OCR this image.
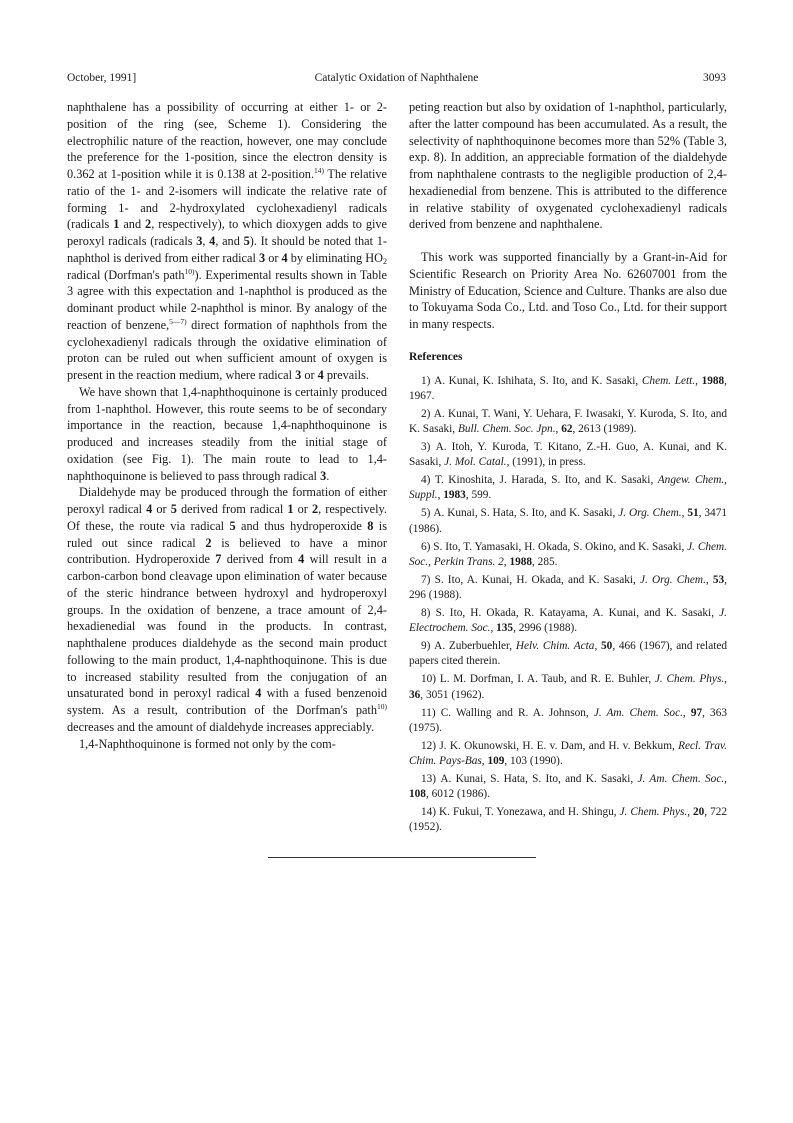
October, 1991]	Catalytic Oxidation of Naphthalene	3093

naphthalene has a possibility of occurring at either 1- or 2-position of the ring (see, Scheme 1). Considering the electrophilic nature of the reaction, however, one may conclude the preference for the 1-position, since the electron density is 0.362 at 1-position while it is 0.138 at 2-position.$^{14)}$ The relative ratio of the 1- and 2-isomers will indicate the relative rate of forming 1- and 2-hydroxylated cyclohexadienyl radicals (radicals 1 and 2, respectively), to which dioxygen adds to give peroxyl radicals (radicals 3, 4, and 5). It should be noted that 1-naphthol is derived from either radical 3 or 4 by eliminating $HO_2$ radical (Dorfman's path$^{10)}$). Experimental results shown in Table 3 agree with this expectation and 1-naphthol is produced as the dominant product while 2-naphthol is minor. By analogy of the reaction of benzene,$^{5—7)}$ direct formation of naphthols from the cyclohexadienyl radicals through the oxidative elimination of proton can be ruled out when sufficient amount of oxygen is present in the reaction medium, where radical 3 or 4 prevails.

We have shown that 1,4-naphthoquinone is certainly produced from 1-naphthol. However, this route seems to be of secondary importance in the reaction, because 1,4-naphthoquinone is produced and increases steadily from the initial stage of oxidation (see Fig. 1). The main route to lead to 1,4-naphthoquinone is believed to pass through radical 3.

Dialdehyde may be produced through the formation of either peroxyl radical 4 or 5 derived from radical 1 or 2, respectively. Of these, the route via radical 5 and thus hydroperoxide 8 is ruled out since radical 2 is believed to have a minor contribution. Hydroperoxide 7 derived from 4 will result in a carbon-carbon bond cleavage upon elimination of water because of the steric hindrance between hydroxyl and hydroperoxyl groups. In the oxidation of benzene, a trace amount of 2,4-hexadienedial was found in the products. In contrast, naphthalene produces dialdehyde as the second main product following to the main product, 1,4-naphthoquinone. This is due to increased stability resulted from the conjugation of an unsaturated bond in peroxyl radical 4 with a fused benzenoid system. As a result, contribution of the Dorfman's path$^{10)}$ decreases and the amount of dialdehyde increases appreciably.

1,4-Naphthoquinone is formed not only by the com-

peting reaction but also by oxidation of 1-naphthol, particularly, after the latter compound has been accumulated. As a result, the selectivity of naphthoquinone becomes more than 52% (Table 3, exp. 8). In addition, an appreciable formation of the dialdehyde from naphthalene contrasts to the negligible production of 2,4-hexadienedial from benzene. This is attributed to the difference in relative stability of oxygenated cyclohexadienyl radicals derived from benzene and naphthalene.

This work was supported financially by a Grant-in-Aid for Scientific Research on Priority Area No. 62607001 from the Ministry of Education, Science and Culture. Thanks are also due to Tokuyama Soda Co., Ltd. and Toso Co., Ltd. for their support in many respects.

References

1) A. Kunai, K. Ishihata, S. Ito, and K. Sasaki, Chem. Lett., 1988, 1967.

2) A. Kunai, T. Wani, Y. Uehara, F. Iwasaki, Y. Kuroda, S. Ito, and K. Sasaki, Bull. Chem. Soc. Jpn., 62, 2613 (1989).

3) A. Itoh, Y. Kuroda, T. Kitano, Z.-H. Guo, A. Kunai, and K. Sasaki, J. Mol. Catal., (1991), in press.

4) T. Kinoshita, J. Harada, S. Ito, and K. Sasaki, Angew. Chem., Suppl., 1983, 599.

5) A. Kunai, S. Hata, S. Ito, and K. Sasaki, J. Org. Chem., 51, 3471 (1986).

6) S. Ito, T. Yamasaki, H. Okada, S. Okino, and K. Sasaki, J. Chem. Soc., Perkin Trans. 2, 1988, 285.

7) S. Ito, A. Kunai, H. Okada, and K. Sasaki, J. Org. Chem., 53, 296 (1988).

8) S. Ito, H. Okada, R. Katayama, A. Kunai, and K. Sasaki, J. Electrochem. Soc., 135, 2996 (1988).

9) A. Zuberbuehler, Helv. Chim. Acta, 50, 466 (1967), and related papers cited therein.

10) L. M. Dorfman, I. A. Taub, and R. E. Buhler, J. Chem. Phys., 36, 3051 (1962).

11) C. Walling and R. A. Johnson, J. Am. Chem. Soc., 97, 363 (1975).

12) J. K. Okunowski, H. E. v. Dam, and H. v. Bekkum, Recl. Trav. Chim. Pays-Bas, 109, 103 (1990).

13) A. Kunai, S. Hata, S. Ito, and K. Sasaki, J. Am. Chem. Soc., 108, 6012 (1986).

14) K. Fukui, T. Yonezawa, and H. Shingu, J. Chem. Phys., 20, 722 (1952).
